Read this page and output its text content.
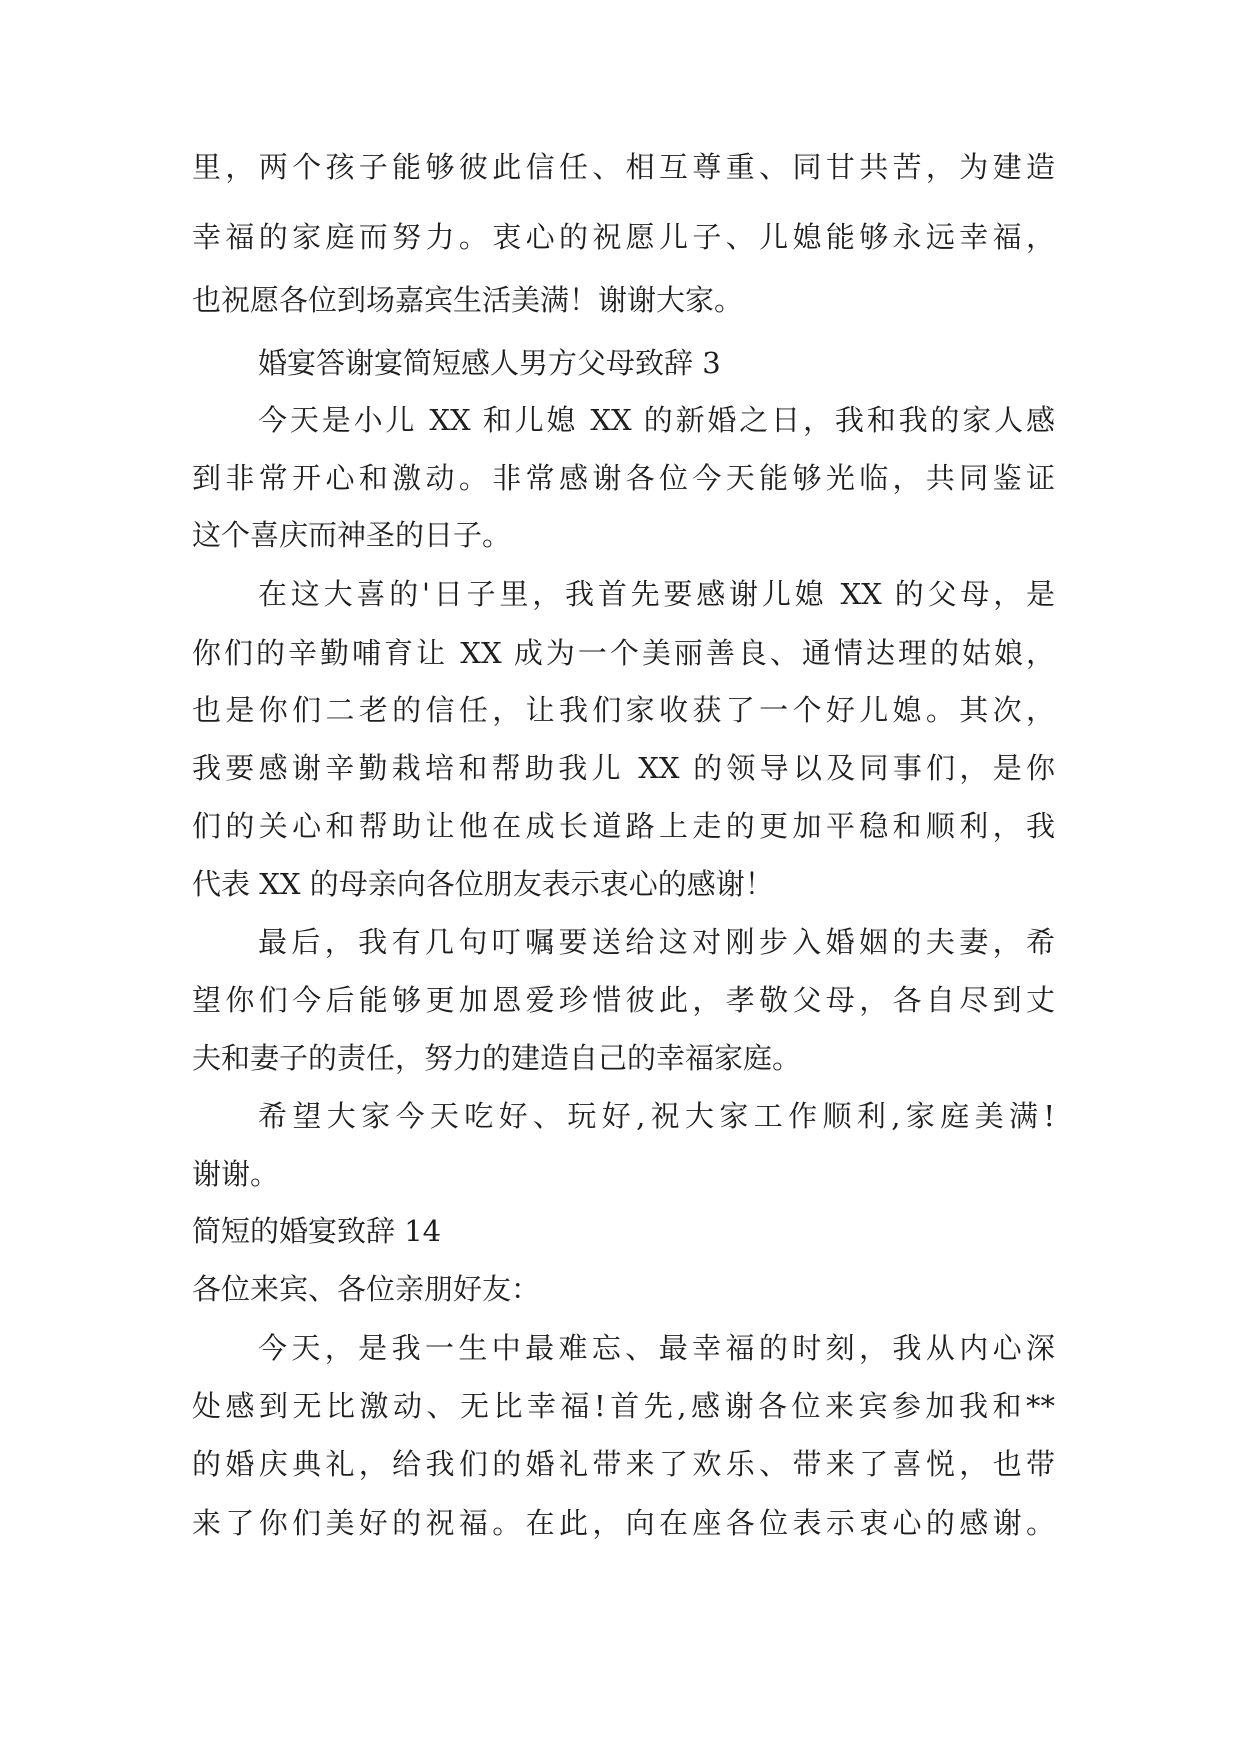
里，两个孩子能够彼此信任、相互尊重、同甘共苦，为建造
幸福的家庭而努力。衷心的祝愿儿子、儿媳能够永远幸福，
也祝愿各位到场嘉宾生活美满！谢谢大家。
婚宴答谢宴简短感人男方父母致辞 3
今天是小儿 XX 和儿媳 XX 的新婚之日，我和我的家人感
到非常开心和激动。非常感谢各位今天能够光临，共同鉴证
这个喜庆而神圣的日子。
在这大喜的'日子里，我首先要感谢儿媳 XX 的父母，是
你们的辛勤哺育让 XX 成为一个美丽善良、通情达理的姑娘，
也是你们二老的信任，让我们家收获了一个好儿媳。其次，
我要感谢辛勤栽培和帮助我儿 XX 的领导以及同事们，是你
们的关心和帮助让他在成长道路上走的更加平稳和顺利，我
代表 XX 的母亲向各位朋友表示衷心的感谢！
最后，我有几句叮嘱要送给这对刚步入婚姻的夫妻，希
望你们今后能够更加恩爱珍惜彼此，孝敬父母，各自尽到丈
夫和妻子的责任，努力的建造自己的幸福家庭。
希望大家今天吃好、玩好,祝大家工作顺利,家庭美满!
谢谢。
简短的婚宴致辞 14
各位来宾、各位亲朋好友：
今天，是我一生中最难忘、最幸福的时刻，我从内心深
处感到无比激动、无比幸福!首先,感谢各位来宾参加我和**
的婚庆典礼，给我们的婚礼带来了欢乐、带来了喜悦，也带
来了你们美好的祝福。在此，向在座各位表示衷心的感谢。
